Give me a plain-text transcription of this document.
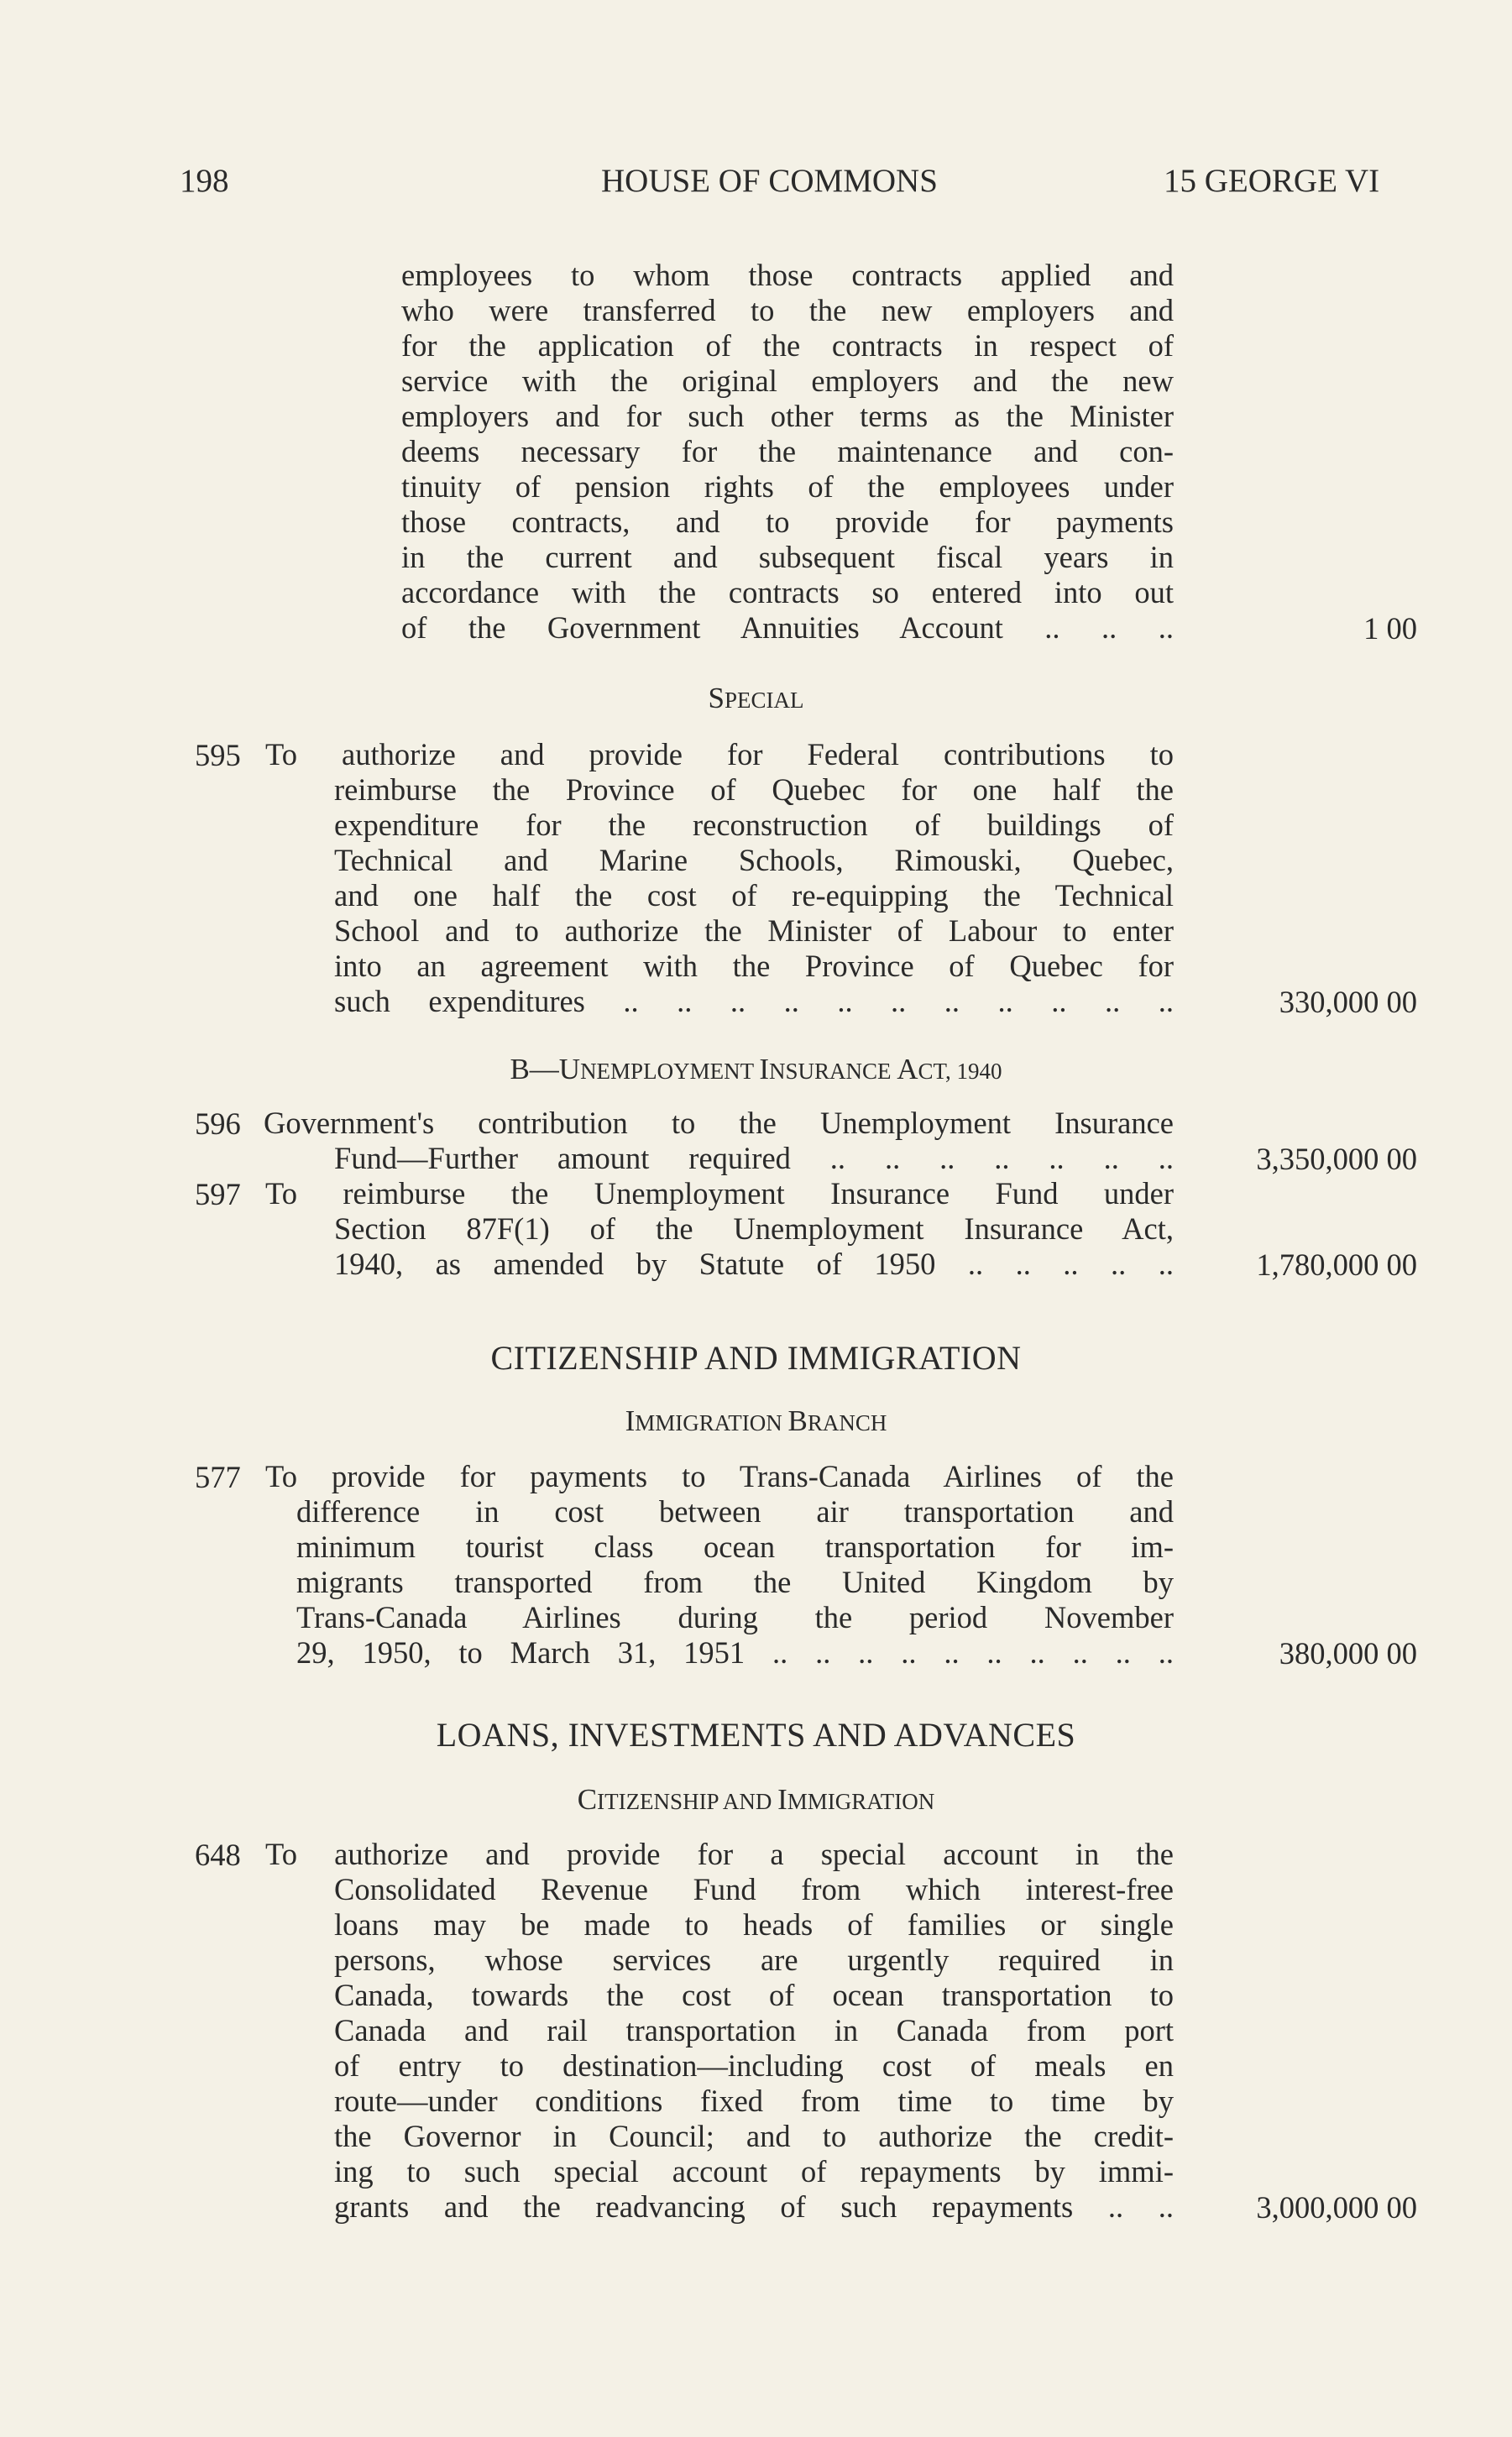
198	HOUSE OF COMMONS	15 GEORGE VI
employees to whom those contracts applied and
who were transferred to the new employers and
for the application of the contracts in respect of
service with the original employers and the new
employers and for such other terms as the Minister
deems necessary for the maintenance and con-
tinuity of pension rights of the employees under
those contracts, and to provide for payments
in the current and subsequent fiscal years in
accordance with the contracts so entered into out
of the Government Annuities Account .. .. ..	1 00
SPECIAL
595 To authorize and provide for Federal contributions to
reimburse the Province of Quebec for one half the
expenditure for the reconstruction of buildings of
Technical and Marine Schools, Rimouski, Quebec,
and one half the cost of re-equipping the Technical
School and to authorize the Minister of Labour to enter
into an agreement with the Province of Quebec for
such expenditures .. .. .. .. .. .. .. .. .. .. ..	330,000 00
B—UNEMPLOYMENT INSURANCE ACT, 1940
596 Government's contribution to the Unemployment Insurance
Fund—Further amount required .. .. .. .. .. .. ..	3,350,000 00
597 To reimburse the Unemployment Insurance Fund under
Section 87F(1) of the Unemployment Insurance Act,
1940, as amended by Statute of 1950 .. .. .. .. ..	1,780,000 00
CITIZENSHIP AND IMMIGRATION
IMMIGRATION BRANCH
577 To provide for payments to Trans-Canada Airlines of the
difference in cost between air transportation and
minimum tourist class ocean transportation for im-
migrants transported from the United Kingdom by
Trans-Canada Airlines during the period November
29, 1950, to March 31, 1951 .. .. .. .. .. .. .. .. .. ..	380,000 00
LOANS, INVESTMENTS AND ADVANCES
CITIZENSHIP AND IMMIGRATION
648 To authorize and provide for a special account in the
Consolidated Revenue Fund from which interest-free
loans may be made to heads of families or single
persons, whose services are urgently required in
Canada, towards the cost of ocean transportation to
Canada and rail transportation in Canada from port
of entry to destination—including cost of meals en
route—under conditions fixed from time to time by
the Governor in Council; and to authorize the credit-
ing to such special account of repayments by immi-
grants and the readvancing of such repayments .. ..	3,000,000 00
